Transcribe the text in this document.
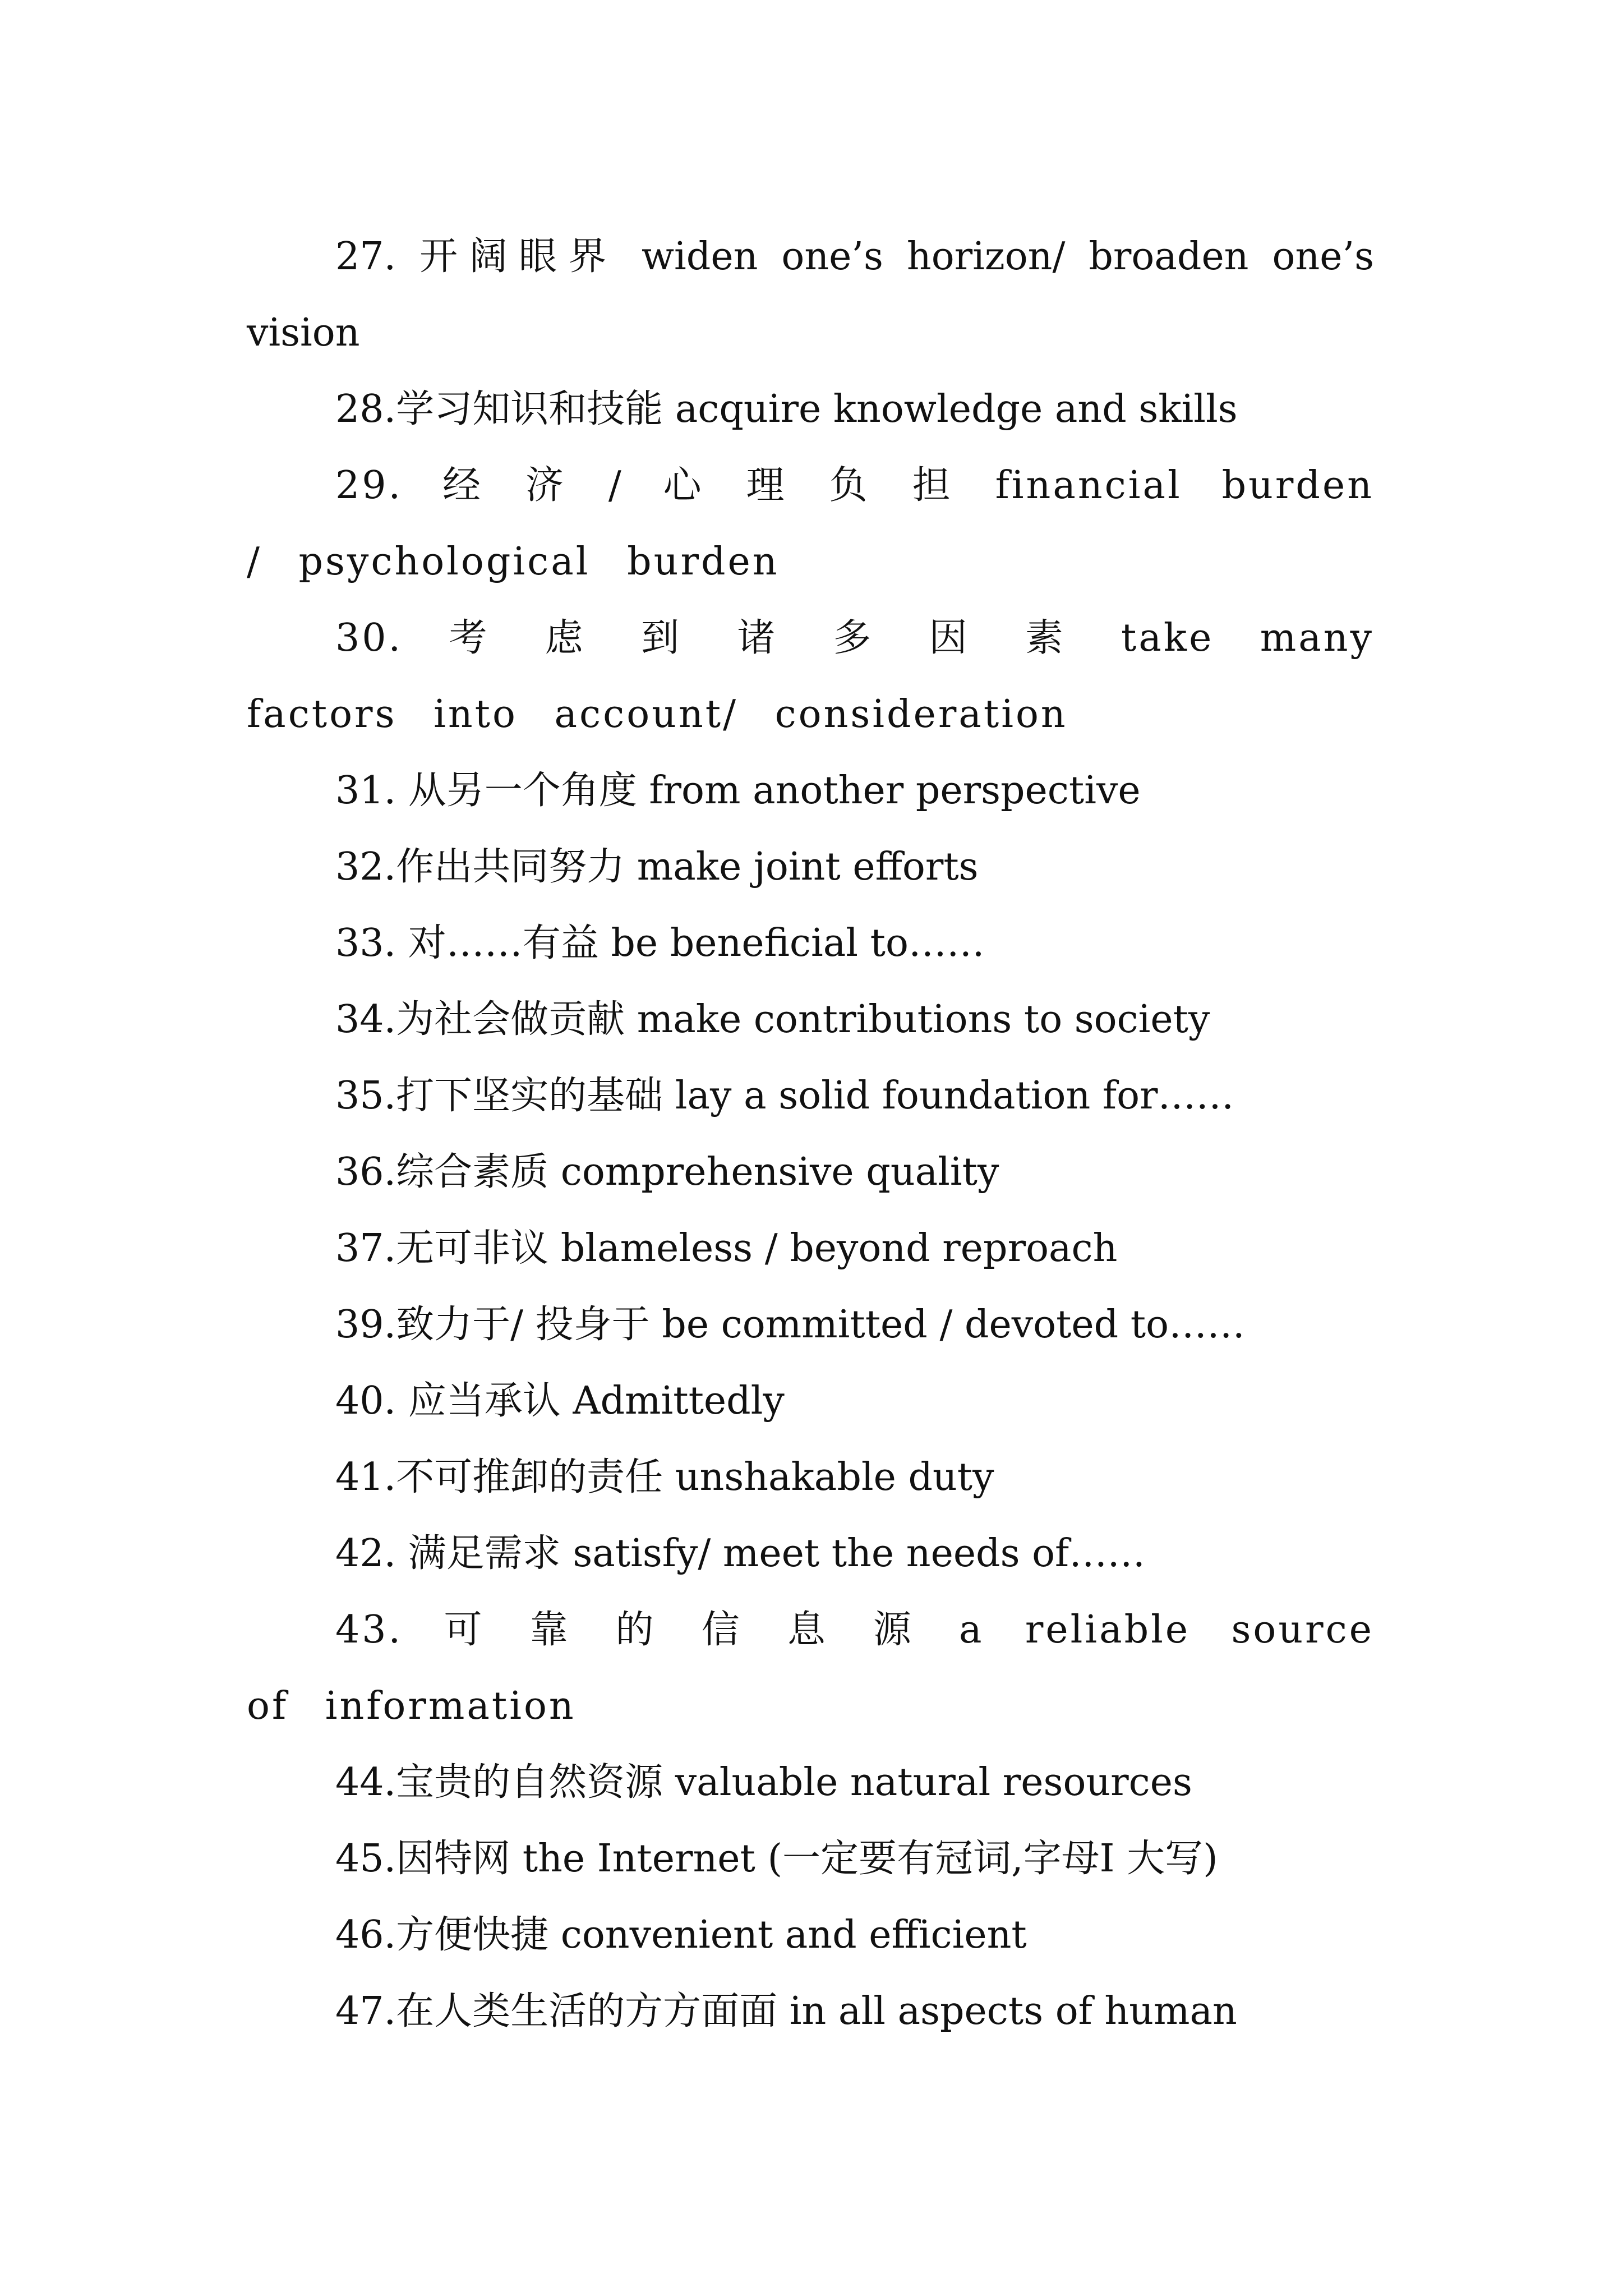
27. 开阔眼界 widen one’s horizon/ broaden one’s vision

28.学习知识和技能 acquire knowledge and skills

29. 经 济 / 心 理 负 担 financial burden / psychological burden

30. 考 虑 到 诸 多 因 素 take many factors into account/ consideration

31. 从另一个角度 from another perspective

32.作出共同努力 make joint efforts

33. 对……有益 be beneficial to……

34.为社会做贡献 make contributions to society

35.打下坚实的基础 lay a solid foundation for……

36.综合素质 comprehensive quality

37.无可非议 blameless / beyond reproach

39.致力于/ 投身于 be committed / devoted to……

40. 应当承认 Admittedly

41.不可推卸的责任 unshakable duty

42. 满足需求 satisfy/ meet the needs of……

43. 可 靠 的 信 息 源 a reliable source of information

44.宝贵的自然资源 valuable natural resources

45.因特网 the Internet (一定要有冠词,字母I 大写)

46.方便快捷 convenient and efficient

47.在人类生活的方方面面 in all aspects of human
